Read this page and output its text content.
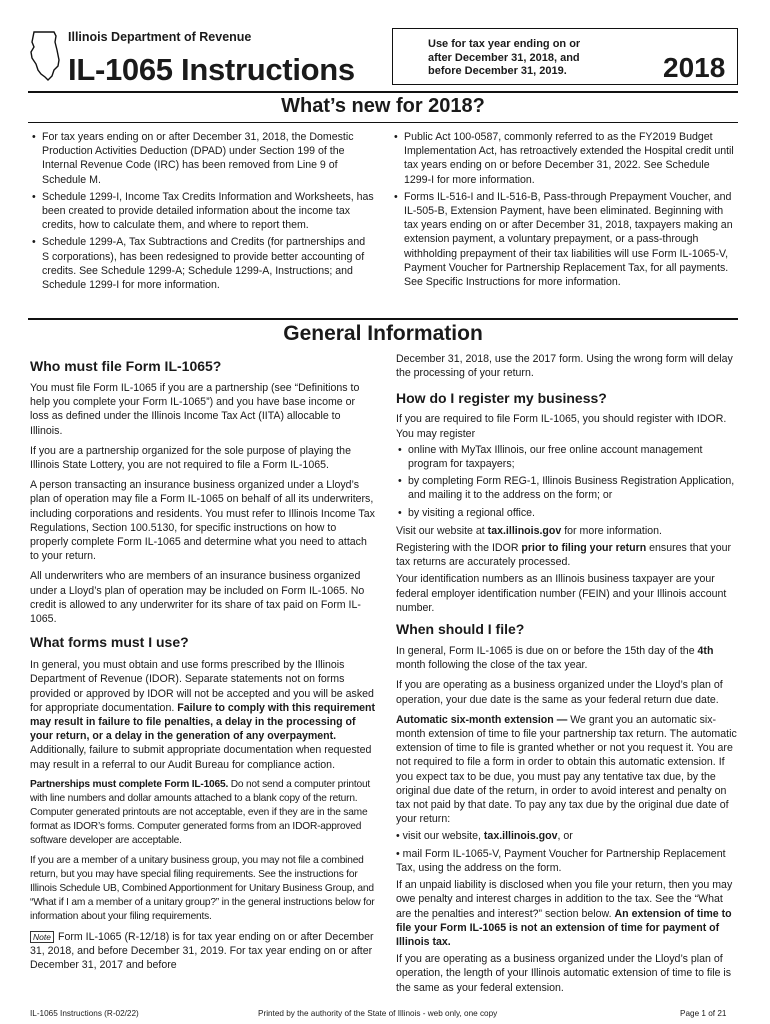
Illinois Department of Revenue
IL-1065 Instructions
Use for tax year ending on or
after December 31, 2018, and
before December 31, 2019.	2018
What’s new for 2018?
• For tax years ending on or after December 31, 2018, the Domestic Production Activities Deduction (DPAD) under Section 199 of the Internal Revenue Code (IRC) has been removed from Line 9 of Schedule M.
• Schedule 1299-I, Income Tax Credits Information and Worksheets, has been created to provide detailed information about the income tax credits, how to calculate them, and where to report them.
• Schedule 1299-A, Tax Subtractions and Credits (for partnerships and S corporations), has been redesigned to provide better accounting of credits. See Schedule 1299-A; Schedule 1299-A, Instructions; and Schedule 1299-I for more information.
• Public Act 100-0587, commonly referred to as the FY2019 Budget Implementation Act, has retroactively extended the Hospital credit until tax years ending on or before December 31, 2022. See Schedule 1299-I for more information.
• Forms IL-516-I and IL-516-B, Pass-through Prepayment Voucher, and IL-505-B, Extension Payment, have been eliminated. Beginning with tax years ending on or after December 31, 2018, taxpayers making an extension payment, a voluntary prepayment, or a pass-through withholding prepayment of their tax liabilities will use Form IL-1065-V, Payment Voucher for Partnership Replacement Tax, for all payments. See Specific Instructions for more information.
General Information
Who must file Form IL-1065?

You must file Form IL-1065 if you are a partnership (see “Definitions to help you complete your Form IL-1065”) and you have base income or loss as defined under the Illinois Income Tax Act (IITA) allocable to Illinois.

If you are a partnership organized for the sole purpose of playing the Illinois State Lottery, you are not required to file a Form IL-1065.

A person transacting an insurance business organized under a Lloyd’s plan of operation may file a Form IL-1065 on behalf of all its underwriters, including corporations and residents. You must refer to Illinois Income Tax Regulations, Section 100.5130, for specific instructions on how to properly complete Form IL-1065 and determine what you need to attach to your return.

All underwriters who are members of an insurance business organized under a Lloyd’s plan of operation may be included on Form IL-1065. No credit is allowed to any underwriter for its share of tax paid on Form IL-1065.

What forms must I use?

In general, you must obtain and use forms prescribed by the Illinois Department of Revenue (IDOR). Separate statements not on forms provided or approved by IDOR will not be accepted and you will be asked for appropriate documentation. Failure to comply with this requirement may result in failure to file penalties, a delay in the processing of your return, or a delay in the generation of any overpayment. Additionally, failure to submit appropriate documentation when requested may result in a referral to our Audit Bureau for compliance action.

Partnerships must complete Form IL-1065. Do not send a computer printout with line numbers and dollar amounts attached to a blank copy of the return. Computer generated printouts are not acceptable, even if they are in the same format as IDOR’s forms. Computer generated forms from an IDOR-approved software developer are acceptable.

If you are a member of a unitary business group, you may not file a combined return, but you may have special filing requirements. See the instructions for Illinois Schedule UB, Combined Apportionment for Unitary Business Group, and “What if I am a member of a unitary group?” in the general instructions below for information about your filing requirements.

Note Form IL-1065 (R-12/18) is for tax year ending on or after December 31, 2018, and before December 31, 2019. For tax year ending on or after December 31, 2017 and before

December 31, 2018, use the 2017 form. Using the wrong form will delay the processing of your return.

How do I register my business?

If you are required to file Form IL-1065, you should register with IDOR. You may register

• online with MyTax Illinois, our free online account management program for taxpayers;
• by completing Form REG-1, Illinois Business Registration Application, and mailing it to the address on the form; or
• by visiting a regional office.

Visit our website at tax.illinois.gov for more information.

Registering with the IDOR prior to filing your return ensures that your tax returns are accurately processed.

Your identification numbers as an Illinois business taxpayer are your federal employer identification number (FEIN) and your Illinois account number.

When should I file?

In general, Form IL-1065 is due on or before the 15th day of the 4th month following the close of the tax year.

If you are operating as a business organized under the Lloyd’s plan of operation, your due date is the same as your federal return due date.

Automatic six-month extension — We grant you an automatic six-month extension of time to file your partnership tax return. The automatic extension of time to file is granted whether or not you request it. You are not required to file a form in order to obtain this automatic extension. If you expect tax to be due, you must pay any tentative tax due, by the original due date of the return, in order to avoid interest and penalty on tax not paid by that date. To pay any tax due by the original due date of your return:

• visit our website, tax.illinois.gov, or

• mail Form IL-1065-V, Payment Voucher for Partnership Replacement Tax, using the address on the form.

If an unpaid liability is disclosed when you file your return, then you may owe penalty and interest charges in addition to the tax. See the “What are the penalties and interest?” section below. An extension of time to file your Form IL-1065 is not an extension of time for payment of Illinois tax.

If you are operating as a business organized under the Lloyd’s plan of operation, the length of your Illinois automatic extension of time to file is the same as your federal extension.

IL-1065 Instructions (R-02/22)	Printed by the authority of the State of Illinois - web only, one copy	Page 1 of 21
